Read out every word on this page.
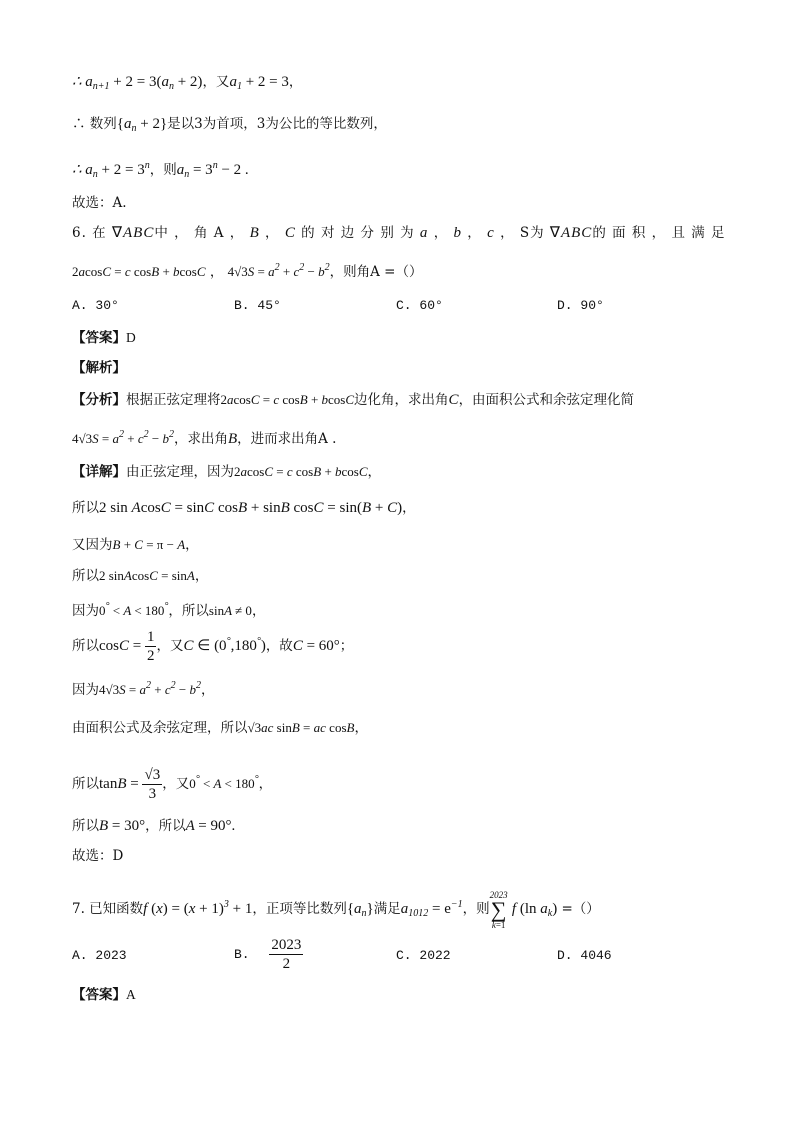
∴ $a_{n+1} + 2 = 3(a_n + 2)$，又$a_1 + 2 = 3$，
∴ 数列$\{a_n + 2\}$是以3为首项，3为公比的等比数列，
∴ $a_n + 2 = 3^n$，则$a_n = 3^n - 2$ .
故选：A.
6. 在 ∇ABC中 ， 角 A ， B ， C 的 对 边 分 别 为 a ， b ， c ， S为 ∇ABC的 面 积 ， 且 满 足
2acosC = c cosB + bcosC ， $4√3S = a^2 + c^2 - b^2$，则角A =（）
A. 30°	B. 45°	C. 60°	D. 90°
【答案】D
【解析】
【分析】根据正弦定理将2acosC = c cosB + bcosC边化角，求出角C，由面积公式和余弦定理化简
$4√3S = a^2 + c^2 - b^2$，求出角B，进而求出角A .
【详解】由正弦定理，因为2acosC = c cosB + bcosC，
所以2 sin AcosC = sinC cosB + sinB cosC = sin(B + C)，
又因为B + C = π − A，
所以2 sinAcosC = sinA，
因为0° < A < 180°，所以sinA ≠ 0，
所以$\cos C = \frac{1}{2}$ ，又C ∈ (0°,180°)，故C = 60°；
因为$4√3S = a^2 + c^2 - b^2$，
由面积公式及余弦定理，所以√3ac sinB = ac cosB，
所以$\tan B = \frac{√3}{3}$ ，又0° < A < 180°，
所以B = 30°，所以A = 90°.
故选：D
7. 已知函数f $(x) = (x + 1)^3 + 1$，正项等比数列$\{a_n\}$满足$a_{1012} = e^{-1}$，则
2023
∑
k=1
f (ln $a_k$) =（）
A. 2023	B. $\frac{2023}{2}$	C. 2022	D. 4046
【答案】A
